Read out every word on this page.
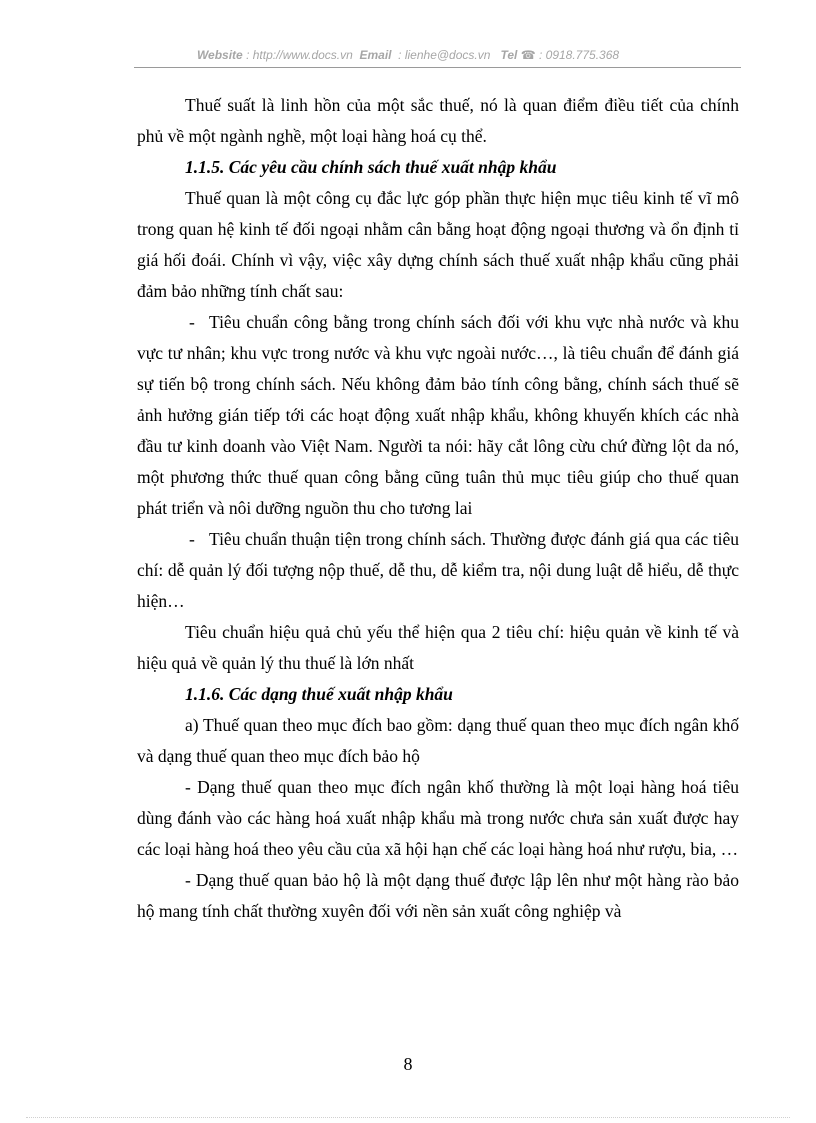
Website : http://www.docs.vn Email  : lienhe@docs.vn Tel ☎ : 0918.775.368

Thuế suất là linh hồn của một sắc thuế, nó là quan điểm điều tiết của chính phủ về một ngành nghề, một loại hàng hoá cụ thể.

1.1.5. Các yêu cầu chính sách thuế xuất nhập khẩu

Thuế quan là một công cụ đắc lực góp phần thực hiện mục tiêu kinh tế vĩ mô trong quan hệ kinh tế đối ngoại nhằm cân bằng hoạt động ngoại thương và ổn định tỉ giá hối đoái. Chính vì vậy, việc xây dựng chính sách thuế xuất nhập khẩu cũng phải đảm bảo những tính chất sau:

- Tiêu chuẩn công bằng trong chính sách đối với khu vực nhà nước và khu vực tư nhân; khu vực trong nước và khu vực ngoài nước…, là tiêu chuẩn để đánh giá sự tiến bộ trong chính sách. Nếu không đảm bảo tính công bằng, chính sách thuế sẽ ảnh hưởng gián tiếp tới các hoạt động xuất nhập khẩu, không khuyến khích các nhà đầu tư kinh doanh vào Việt Nam. Người ta nói: hãy cắt lông cừu chứ đừng lột da nó, một phương thức thuế quan công bằng cũng tuân thủ mục tiêu giúp cho thuế quan phát triển và nôi dưỡng nguồn thu cho tương lai

- Tiêu chuẩn thuận tiện trong chính sách. Thường được đánh giá qua các tiêu chí: dễ quản lý đối tượng nộp thuế, dễ thu, dễ kiểm tra, nội dung luật dễ hiểu, dễ thực hiện…

Tiêu chuẩn hiệu quả chủ yếu thể hiện qua 2 tiêu chí: hiệu quản về kinh tế và hiệu quả về quản lý thu thuế là lớn nhất

1.1.6. Các dạng thuế xuất nhập khẩu

a) Thuế quan theo mục đích bao gồm: dạng thuế quan theo mục đích ngân khố và dạng thuế quan theo mục đích bảo hộ

- Dạng thuế quan theo mục đích ngân khố thường là một loại hàng hoá tiêu dùng đánh vào các hàng hoá xuất nhập khẩu mà trong nước chưa sản xuất được hay các loại hàng hoá theo yêu cầu của xã hội hạn chế các loại hàng hoá như rượu, bia, …

- Dạng thuế quan bảo hộ là một dạng thuế được lập lên như một hàng rào bảo hộ mang tính chất thường xuyên đối với nền sản xuất công nghiệp và

8
